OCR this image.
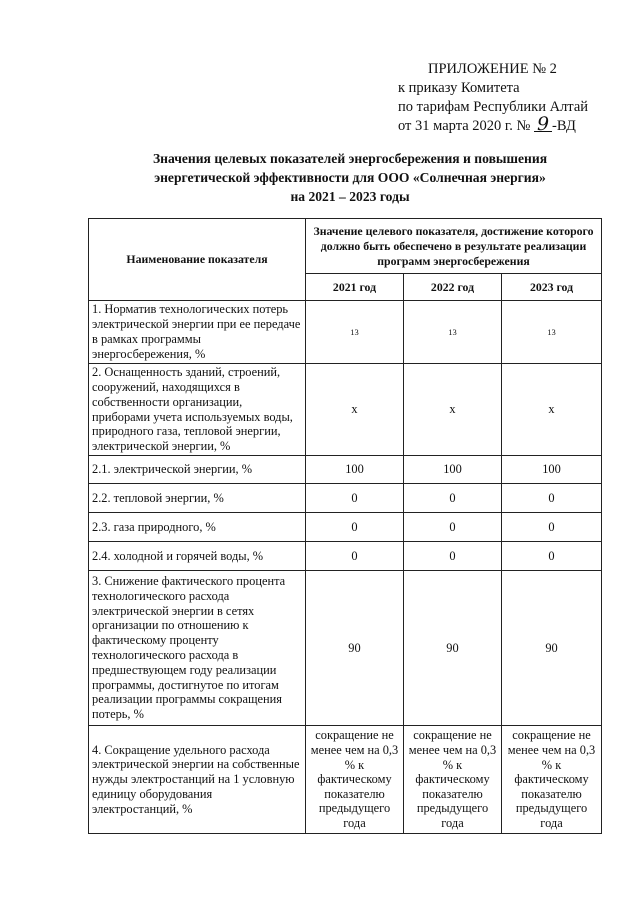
ПРИЛОЖЕНИЕ № 2
к приказу Комитета
по тарифам Республики Алтай
от 31 марта 2020 г. № 9 -ВД
Значения целевых показателей энергосбережения и повышения
энергетической эффективности для ООО «Солнечная энергия»
на 2021 – 2023 годы
Наименование показателя	Значение целевого показателя, достижение которого должно быть обеспечено в результате реализации программ энергосбережения		
	2021 год	2022 год	2023 год
1. Норматив технологических потерь электрической энергии при ее передаче в рамках программы энергосбережения, %	13	13	13
2. Оснащенность зданий, строений, сооружений, находящихся в собственности организации, приборами учета используемых воды, природного газа, тепловой энергии, электрической энергии, %	х	х	х
2.1. электрической энергии, %	100	100	100
2.2. тепловой энергии, %	0	0	0
2.3. газа природного, %	0	0	0
2.4. холодной и горячей воды, %	0	0	0
3. Снижение фактического процента технологического расхода электрической энергии в сетях организации по отношению к фактическому проценту технологического расхода в предшествующем году реализации программы, достигнутое по итогам реализации программы сокращения потерь, %	90	90	90
4. Сокращение удельного расхода электрической энергии на собственные нужды электростанций на 1 условную единицу оборудования электростанций, %	сокращение не менее чем на 0,3 % к фактическому показателю предыдущего года	сокращение не менее чем на 0,3 % к фактическому показателю предыдущего года	сокращение не менее чем на 0,3 % к фактическому показателю предыдущего года
